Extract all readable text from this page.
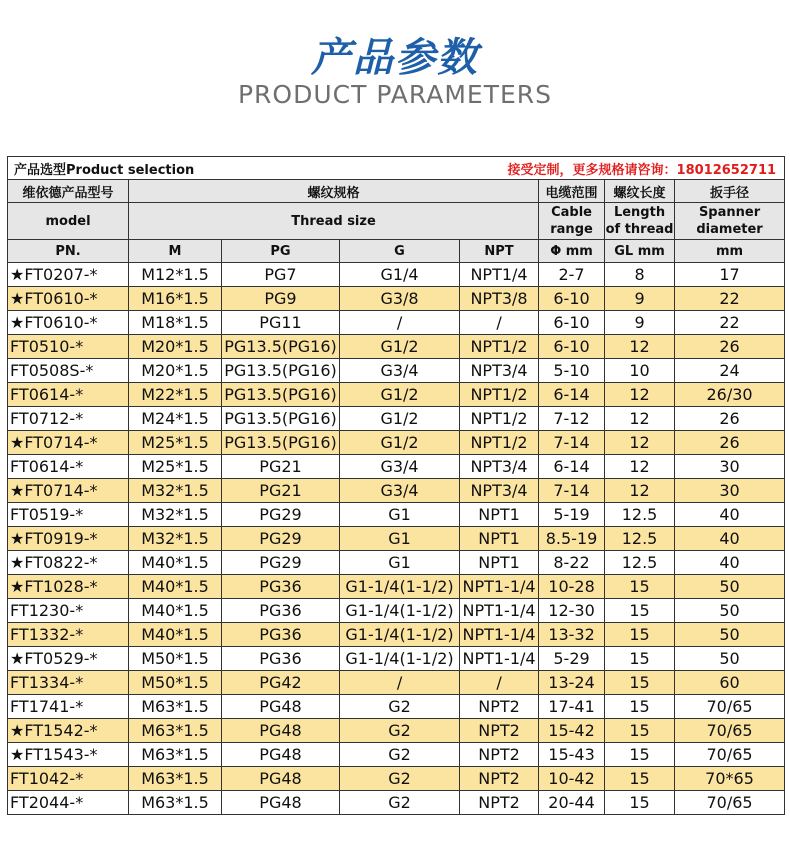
产品参数
PRODUCT PARAMETERS
产品选型Product selection				接受定制，更多规格请咨询：18012652711			
维依德产品型号	螺纹规格				电缆范围	螺纹长度	扳手径
model	Thread size				Cable range	Length of thread	Spanner diameter
PN.	M	PG	G	NPT	Φ mm	GL mm	mm
★FT0207-*	M12*1.5	PG7	G1/4	NPT1/4	2-7	8	17
★FT0610-*	M16*1.5	PG9	G3/8	NPT3/8	6-10	9	22
★FT0610-*	M18*1.5	PG11	/	/	6-10	9	22
FT0510-*	M20*1.5	PG13.5(PG16)	G1/2	NPT1/2	6-10	12	26
FT0508S-*	M20*1.5	PG13.5(PG16)	G3/4	NPT3/4	5-10	10	24
FT0614-*	M22*1.5	PG13.5(PG16)	G1/2	NPT1/2	6-14	12	26/30
FT0712-*	M24*1.5	PG13.5(PG16)	G1/2	NPT1/2	7-12	12	26
★FT0714-*	M25*1.5	PG13.5(PG16)	G1/2	NPT1/2	7-14	12	26
FT0614-*	M25*1.5	PG21	G3/4	NPT3/4	6-14	12	30
★FT0714-*	M32*1.5	PG21	G3/4	NPT3/4	7-14	12	30
FT0519-*	M32*1.5	PG29	G1	NPT1	5-19	12.5	40
★FT0919-*	M32*1.5	PG29	G1	NPT1	8.5-19	12.5	40
★FT0822-*	M40*1.5	PG29	G1	NPT1	8-22	12.5	40
★FT1028-*	M40*1.5	PG36	G1-1/4(1-1/2)	NPT1-1/4	10-28	15	50
FT1230-*	M40*1.5	PG36	G1-1/4(1-1/2)	NPT1-1/4	12-30	15	50
FT1332-*	M40*1.5	PG36	G1-1/4(1-1/2)	NPT1-1/4	13-32	15	50
★FT0529-*	M50*1.5	PG36	G1-1/4(1-1/2)	NPT1-1/4	5-29	15	50
FT1334-*	M50*1.5	PG42	/	/	13-24	15	60
FT1741-*	M63*1.5	PG48	G2	NPT2	17-41	15	70/65
★FT1542-*	M63*1.5	PG48	G2	NPT2	15-42	15	70/65
★FT1543-*	M63*1.5	PG48	G2	NPT2	15-43	15	70/65
FT1042-*	M63*1.5	PG48	G2	NPT2	10-42	15	70*65
FT2044-*	M63*1.5	PG48	G2	NPT2	20-44	15	70/65
